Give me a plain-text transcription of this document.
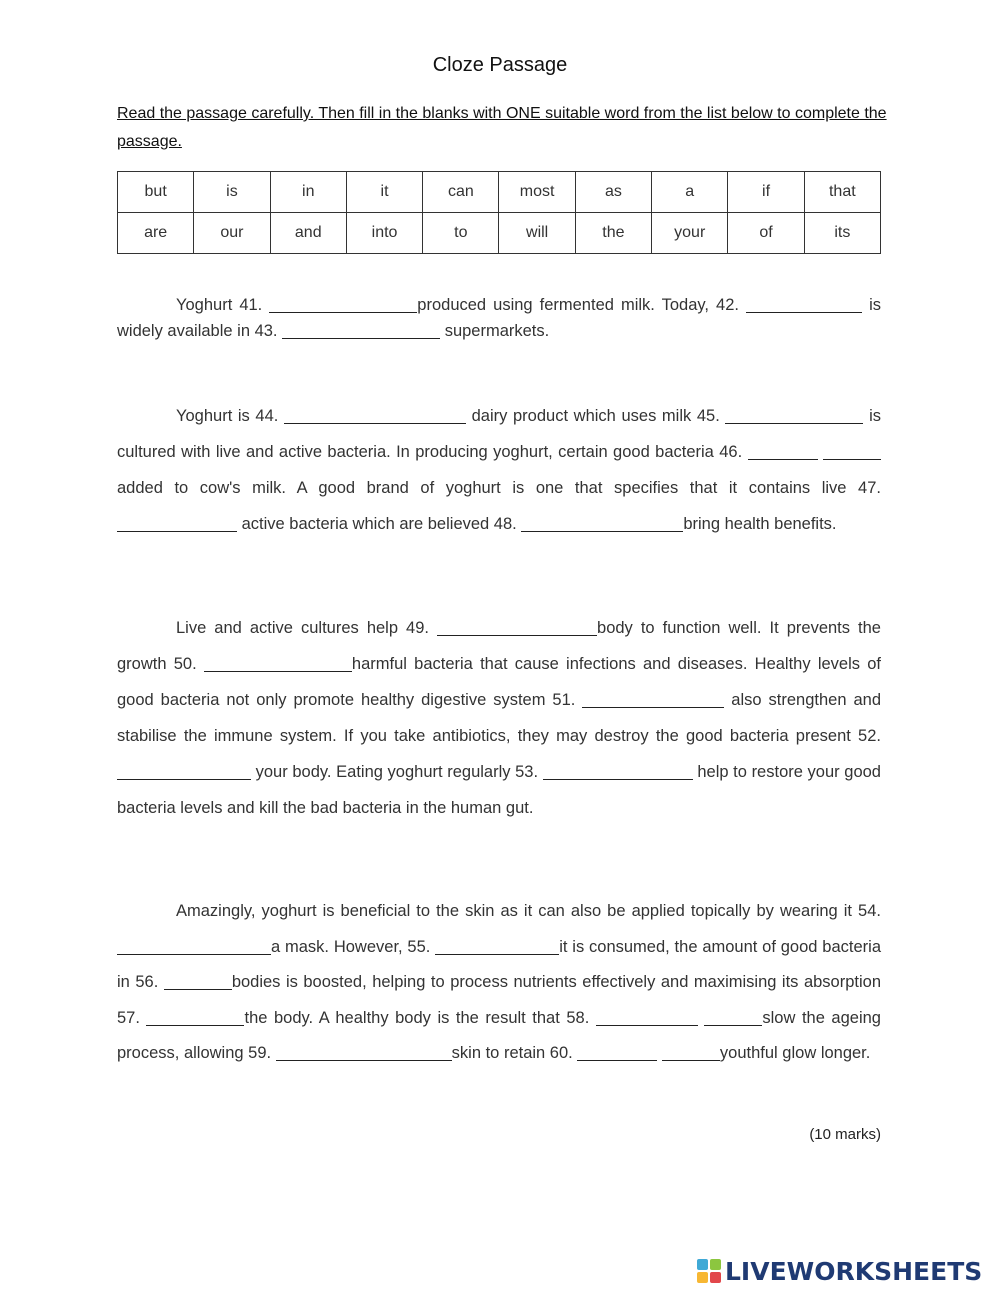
Cloze Passage
Read the passage carefully. Then fill in the blanks with ONE suitable word from the list below to complete the passage.
but	is	in	it	can	most	as	a	if	that
are	our	and	into	to	will	the	your	of	its
Yoghurt 41.	produced using fermented milk. Today, 42.	is widely available in 43.	supermarkets.
Yoghurt is 44.	dairy product which uses milk 45.	is cultured with live and active bacteria. In producing yoghurt, certain good bacteria 46.  added to cow's milk. A good brand of yoghurt is one that specifies that it contains live 47.  active bacteria which are believed 48.	bring health benefits.
Live and active cultures help 49.	body to function well. It prevents the growth 50.	harmful bacteria that cause infections and diseases. Healthy levels of good bacteria not only promote healthy digestive system 51.	also strengthen and stabilise the immune system. If you take antibiotics, they may destroy the good bacteria present 52.  your body. Eating yoghurt regularly 53.	help to restore your good bacteria levels and kill the bad bacteria in the human gut.
Amazingly, yoghurt is beneficial to the skin as it can also be applied topically by wearing it 54.a mask. However, 55.	it is consumed, the amount of good bacteria in 56.	bodies is boosted, helping to process nutrients effectively and maximising its absorption 57.	the body. A healthy body is the result that 58.	slow the ageing process, allowing 59.	skin to retain 60.	youthful glow longer.
(10 marks)
LIVEWORKSHEETS
